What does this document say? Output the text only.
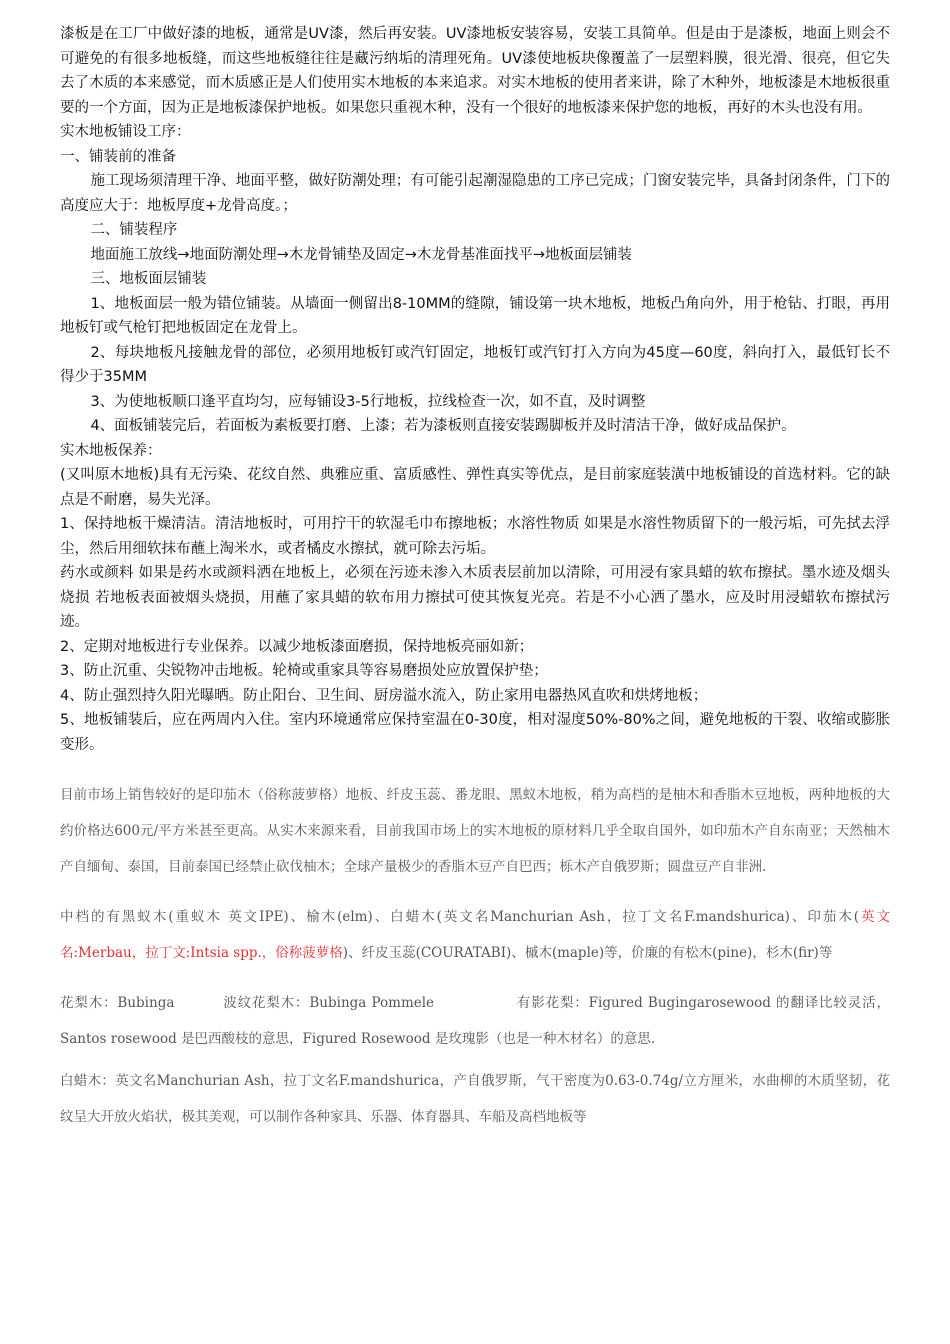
漆板是在工厂中做好漆的地板，通常是UV漆，然后再安装。UV漆地板安装容易，安装工具简单。但是由于是漆板，地面上则会不可避免的有很多地板缝，而这些地板缝往往是藏污纳垢的清理死角。UV漆使地板块像覆盖了一层塑料膜，很光滑、很亮，但它失去了木质的本来感觉，而木质感正是人们使用实木地板的本来追求。对实木地板的使用者来讲，除了木种外，地板漆是木地板很重要的一个方面，因为正是地板漆保护地板。如果您只重视木种，没有一个很好的地板漆来保护您的地板，再好的木头也没有用。

实木地板铺设工序：

一、铺装前的准备

施工现场须清理干净、地面平整，做好防潮处理；有可能引起潮湿隐患的工序已完成；门窗安装完毕，具备封闭条件，门下的高度应大于：地板厚度+龙骨高度。；

二、铺装程序

地面施工放线→地面防潮处理→木龙骨铺垫及固定→木龙骨基准面找平→地板面层铺装

三、地板面层铺装

1、地板面层一般为错位铺装。从墙面一侧留出8-10MM的缝隙，铺设第一块木地板，地板凸角向外，用于枪钻、打眼，再用地板钉或气枪钉把地板固定在龙骨上。

2、每块地板凡接触龙骨的部位，必须用地板钉或汽钉固定，地板钉或汽钉打入方向为45度—60度，斜向打入，最低钉长不得少于35MM

3、为使地板顺口逢平直均匀，应每铺设3-5行地板，拉线检查一次，如不直，及时调整

4、面板铺装完后，若面板为素板要打磨、上漆；若为漆板则直接安装踢脚板并及时清洁干净，做好成品保护。

实木地板保养：

(又叫原木地板)具有无污染、花纹自然、典雅应重、富质感性、弹性真实等优点，是目前家庭装潢中地板铺设的首选材料。它的缺点是不耐磨，易失光泽。

1、保持地板干燥清洁。清洁地板时，可用拧干的软湿毛巾布擦地板；水溶性物质 如果是水溶性物质留下的一般污垢，可先拭去浮尘，然后用细软抹布蘸上淘米水，或者橘皮水擦拭，就可除去污垢。

药水或颜料 如果是药水或颜料洒在地板上，必须在污迹未渗入木质表层前加以清除，可用浸有家具蜡的软布擦拭。墨水迹及烟头烧损 若地板表面被烟头烧损，用蘸了家具蜡的软布用力擦拭可使其恢复光亮。若是不小心洒了墨水，应及时用浸蜡软布擦拭污迹。

2、定期对地板进行专业保养。以减少地板漆面磨损，保持地板亮丽如新；

3、防止沉重、尖锐物冲击地板。轮椅或重家具等容易磨损处应放置保护垫；

4、防止强烈持久阳光曝晒。防止阳台、卫生间、厨房溢水流入，防止家用电器热风直吹和烘烤地板；

5、地板铺装后，应在两周内入住。室内环境通常应保持室温在0-30度，相对湿度50%-80%之间，避免地板的干裂、收缩或膨胀变形。

目前市场上销售较好的是印茄木（俗称菠萝格）地板、纤皮玉蕊、番龙眼、黑蚁木地板，稍为高档的是柚木和香脂木豆地板，两种地板的大约价格达600元/平方米甚至更高。从实木来源来看，目前我国市场上的实木地板的原材料几乎全取自国外，如印茄木产自东南亚；天然柚木产自缅甸、泰国，目前泰国已经禁止砍伐柚木；全球产量极少的香脂木豆产自巴西；栎木产自俄罗斯；圆盘豆产自非洲.

中档的有黑蚁木(重蚁木 英文IPE)、榆木(elm)、白蜡木(英文名Manchurian Ash，拉丁文名F.mandshurica)、印茄木(英文名:Merbau，拉丁文:Intsia spp.，俗称菠萝格)、纤皮玉蕊(COURATABI)、槭木(maple)等，价廉的有松木(pine)，杉木(fir)等

花梨木：Bubinga	波纹花梨木：Bubinga Pommele	有影花梨：Figured Bugingarosewood 的翻译比较灵活，Santos rosewood 是巴西酸枝的意思，Figured Rosewood 是玫瑰影（也是一种木材名）的意思.

白蜡木：英文名Manchurian Ash，拉丁文名F.mandshurica，产自俄罗斯，气干密度为0.63-0.74g/立方厘米，水曲柳的木质坚韧，花纹呈大开放火焰状，极其美观，可以制作各种家具、乐器、体育器具、车船及高档地板等
